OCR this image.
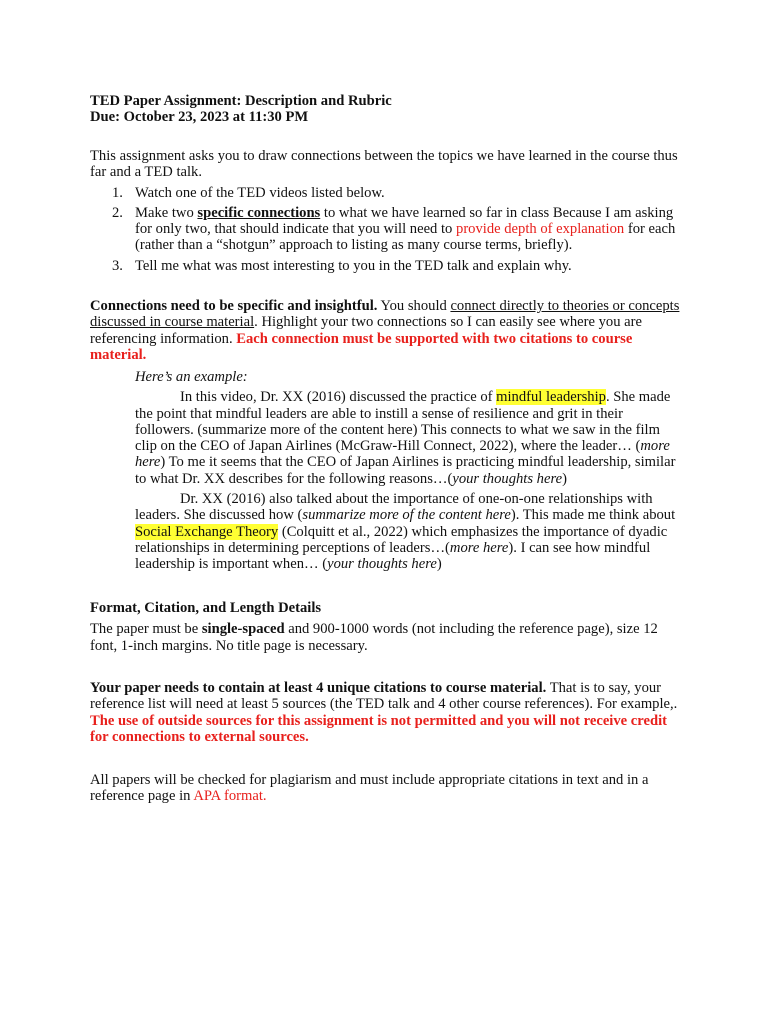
TED Paper Assignment: Description and Rubric

Due: October 23, 2023 at 11:30 PM

This assignment asks you to draw connections between the topics we have learned in the course thus far and a TED talk.

1. Watch one of the TED videos listed below.
2. Make two specific connections to what we have learned so far in class Because I am asking for only two, that should indicate that you will need to provide depth of explanation for each (rather than a “shotgun” approach to listing as many course terms, briefly).
3. Tell me what was most interesting to you in the TED talk and explain why.

Connections need to be specific and insightful. You should connect directly to theories or concepts discussed in course material. Highlight your two connections so I can easily see where you are referencing information. Each connection must be supported with two citations to course material.

Here’s an example:

In this video, Dr. XX (2016) discussed the practice of mindful leadership. She made the point that mindful leaders are able to instill a sense of resilience and grit in their followers. (summarize more of the content here) This connects to what we saw in the film clip on the CEO of Japan Airlines (McGraw-Hill Connect, 2022), where the leader… (more here) To me it seems that the CEO of Japan Airlines is practicing mindful leadership, similar to what Dr. XX describes for the following reasons…(your thoughts here)

Dr. XX (2016) also talked about the importance of one-on-one relationships with leaders. She discussed how (summarize more of the content here). This made me think about Social Exchange Theory (Colquitt et al., 2022) which emphasizes the importance of dyadic relationships in determining perceptions of leaders…(more here). I can see how mindful leadership is important when… (your thoughts here)

Format, Citation, and Length Details

The paper must be single-spaced and 900-1000 words (not including the reference page), size 12 font, 1-inch margins. No title page is necessary.

Your paper needs to contain at least 4 unique citations to course material. That is to say, your reference list will need at least 5 sources (the TED talk and 4 other course references). For example,. The use of outside sources for this assignment is not permitted and you will not receive credit for connections to external sources.

All papers will be checked for plagiarism and must include appropriate citations in text and in a reference page in APA format.
